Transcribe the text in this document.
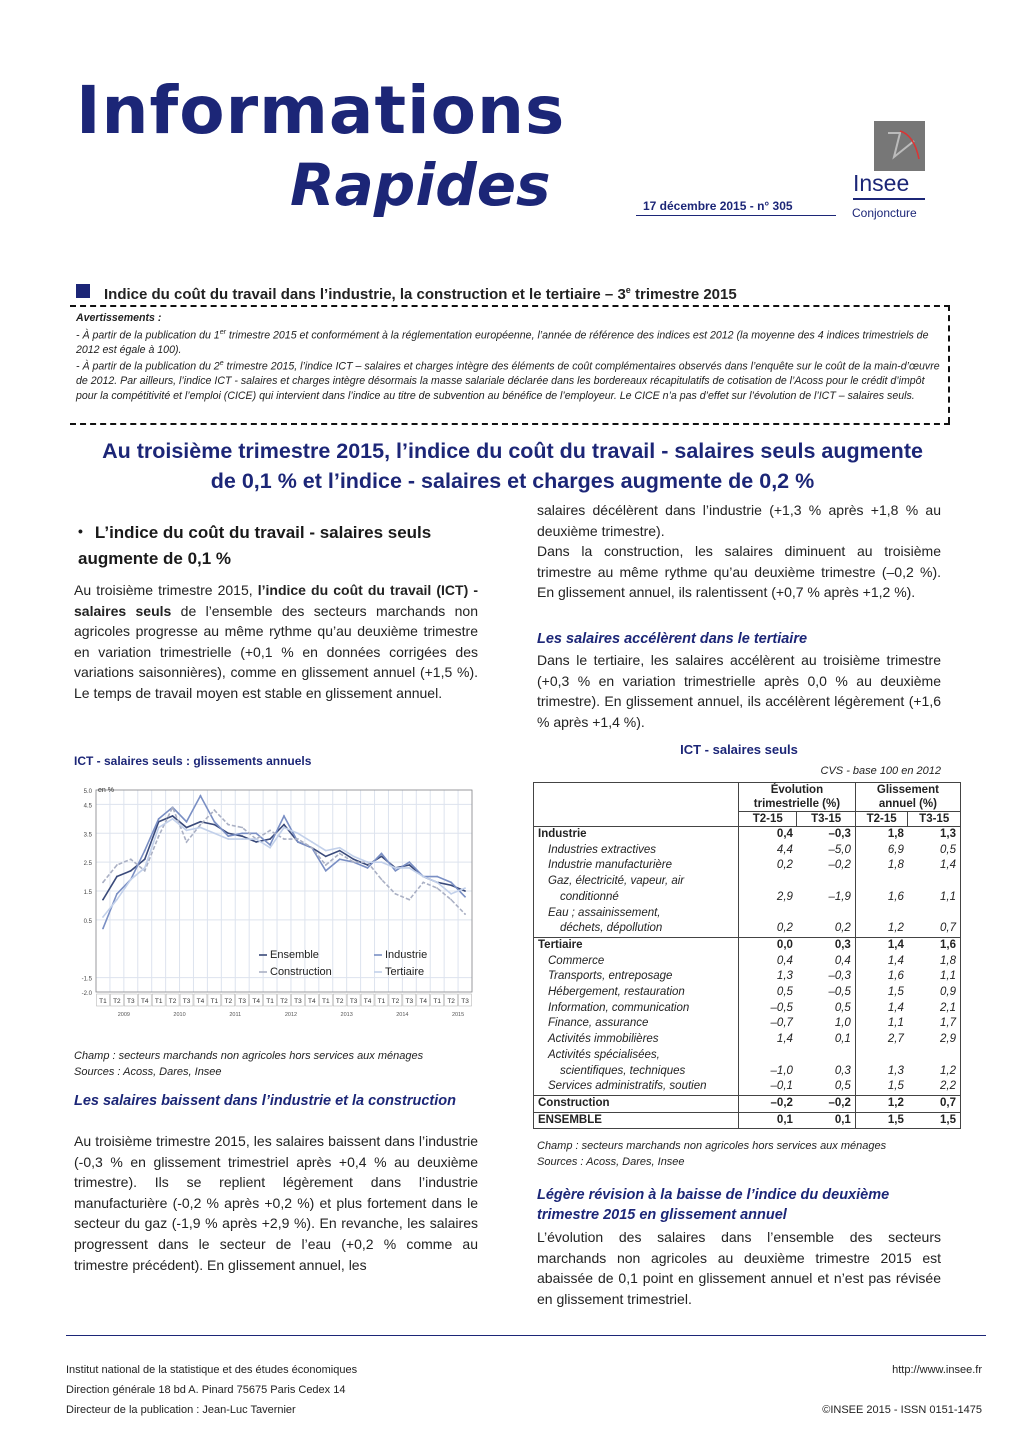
Informations
Rapides	17 décembre 2015 - n° 305
Insee
Conjoncture
Indice du coût du travail dans l’industrie, la construction et le tertiaire – 3e trimestre 2015
Avertissements :
- À partir de la publication du 1er trimestre 2015 et conformément à la réglementation européenne, l’année de référence des indices est 2012 (la moyenne des 4 indices trimestriels de 2012 est égale à 100).
- À partir de la publication du 2e trimestre 2015, l’indice ICT – salaires et charges intègre des éléments de coût complémentaires observés dans l’enquête sur le coût de la main-d’œuvre de 2012. Par ailleurs, l’indice ICT - salaires et charges intègre désormais la masse salariale déclarée dans les bordereaux récapitulatifs de cotisation de l’Acoss pour le crédit d’impôt pour la compétitivité et l’emploi (CICE) qui intervient dans l’indice au titre de subvention au bénéfice de l’employeur. Le CICE n’a pas d’effet sur l’évolution de l’ICT – salaires seuls.
Au troisième trimestre 2015, l’indice du coût du travail - salaires seuls augmente de 0,1 % et l’indice - salaires et charges augmente de 0,2 %
• L’indice du coût du travail - salaires seuls augmente de 0,1 %
Au troisième trimestre 2015, l’indice du coût du travail (ICT) - salaires seuls de l’ensemble des secteurs marchands non agricoles progresse au même rythme qu’au deuxième trimestre en variation trimestrielle (+0,1 % en données corrigées des variations saisonnières), comme en glissement annuel (+1,5 %). Le temps de travail moyen est stable en glissement annuel.
ICT - salaires seuls : glissements annuels
-2.0
-1.5
0.5
1.5
2.5
3.5
4.5
5.0 en %
T1 T2 T3 T4 T1 T2 T3 T4 T1 T2 T3 T4 T1 T2 T3 T4 T1 T2 T3 T4 T1 T2 T3 T4 T1 T2 T3
2009	2010	2011	2012	2013	2014	2015
Ensemble	Industrie
Construction	Tertiaire
Champ : secteurs marchands non agricoles hors services aux ménages
Sources : Acoss, Dares, Insee
Les salaires baissent dans l’industrie et la construction
Au troisième trimestre 2015, les salaires baissent dans l’industrie (-0,3 % en glissement trimestriel après +0,4 % au deuxième trimestre). Ils se replient légèrement dans l’industrie manufacturière (-0,2 % après +0,2 %) et plus fortement dans le secteur du gaz (-1,9 % après +2,9 %). En revanche, les salaires progressent dans le secteur de l’eau (+0,2 % comme au trimestre précédent). En glissement annuel, les
salaires décélèrent dans l’industrie (+1,3 % après +1,8 % au deuxième trimestre).
Dans la construction, les salaires diminuent au troisième trimestre au même rythme qu’au deuxième trimestre (–0,2 %). En glissement annuel, ils ralentissent (+0,7 % après +1,2 %).
Les salaires accélèrent dans le tertiaire
Dans le tertiaire, les salaires accélèrent au troisième trimestre (+0,3 % en variation trimestrielle après 0,0 % au deuxième trimestre). En glissement annuel, ils accélèrent légèrement (+1,6 % après +1,4 %).
ICT - salaires seuls
CVS - base 100 en 2012
	Évolution trimestrielle (%)		Glissement annuel (%)	
	T2-15	T3-15	T2-15	T3-15
Industrie	0,4	–0,3	1,8	1,3
Industries extractives	4,4	–5,0	6,9	0,5
Industrie manufacturière	0,2	–0,2	1,8	1,4
Gaz, électricité, vapeur, air				
conditionné	2,9	–1,9	1,6	1,1
Eau ; assainissement,				
déchets, dépollution	0,2	0,2	1,2	0,7
Tertiaire	0,0	0,3	1,4	1,6
Commerce	0,4	0,4	1,4	1,8
Transports, entreposage	1,3	–0,3	1,6	1,1
Hébergement, restauration	0,5	–0,5	1,5	0,9
Information, communication	–0,5	0,5	1,4	2,1
Finance, assurance	–0,7	1,0	1,1	1,7
Activités immobilières	1,4	0,1	2,7	2,9
Activités spécialisées,				
scientifiques, techniques	–1,0	0,3	1,3	1,2
Services administratifs, soutien	–0,1	0,5	1,5	2,2
Construction	–0,2	–0,2	1,2	0,7
ENSEMBLE	0,1	0,1	1,5	1,5
Champ : secteurs marchands non agricoles hors services aux ménages
Sources : Acoss, Dares, Insee
Légère révision à la baisse de l’indice du deuxième trimestre 2015 en glissement annuel
L’évolution des salaires dans l’ensemble des secteurs marchands non agricoles au deuxième trimestre 2015 est abaissée de 0,1 point en glissement annuel et n’est pas révisée en glissement trimestriel.
Institut national de la statistique et des études économiques
Direction générale 18 bd A. Pinard 75675 Paris Cedex 14
Directeur de la publication : Jean-Luc Tavernier
http://www.insee.fr

©INSEE 2015 - ISSN 0151-1475
